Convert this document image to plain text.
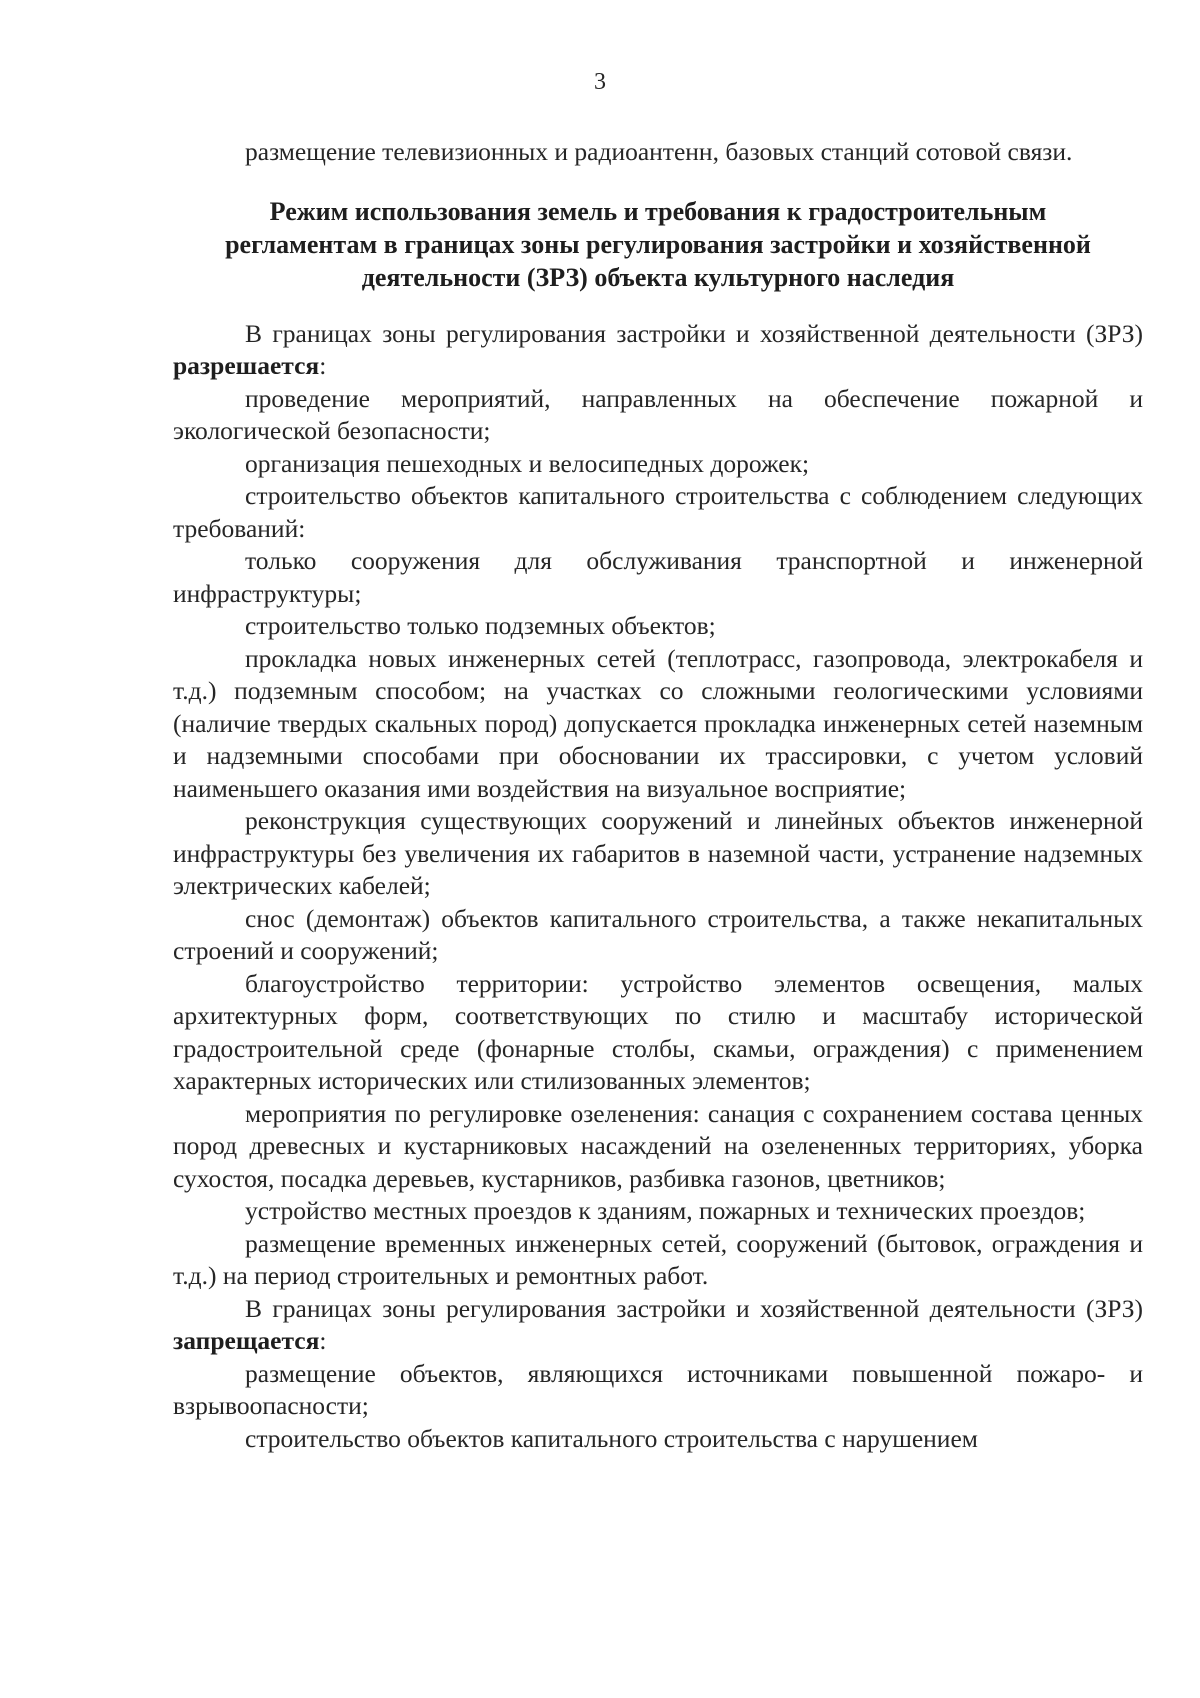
3

размещение телевизионных и радиоантенн, базовых станций сотовой связи.

Режим использования земель и требования к градостроительным регламентам в границах зоны регулирования застройки и хозяйственной деятельности (ЗРЗ) объекта культурного наследия

В границах зоны регулирования застройки и хозяйственной деятельности (ЗРЗ) разрешается:

проведение мероприятий, направленных на обеспечение пожарной и экологической безопасности;

организация пешеходных и велосипедных дорожек;

строительство объектов капитального строительства с соблюдением следующих требований:

только сооружения для обслуживания транспортной и инженерной инфраструктуры;

строительство только подземных объектов;

прокладка новых инженерных сетей (теплотрасс, газопровода, электрокабеля и т.д.) подземным способом; на участках со сложными геологическими условиями (наличие твердых скальных пород) допускается прокладка инженерных сетей наземным и надземными способами при обосновании их трассировки, с учетом условий наименьшего оказания ими воздействия на визуальное восприятие;

реконструкция существующих сооружений и линейных объектов инженерной инфраструктуры без увеличения их габаритов в наземной части, устранение надземных электрических кабелей;

снос (демонтаж) объектов капитального строительства, а также некапитальных строений и сооружений;

благоустройство территории: устройство элементов освещения, малых архитектурных форм, соответствующих по стилю и масштабу исторической градостроительной среде (фонарные столбы, скамьи, ограждения) с применением характерных исторических или стилизованных элементов;

мероприятия по регулировке озеленения: санация с сохранением состава ценных пород древесных и кустарниковых насаждений на озелененных территориях, уборка сухостоя, посадка деревьев, кустарников, разбивка газонов, цветников;

устройство местных проездов к зданиям, пожарных и технических проездов;

размещение временных инженерных сетей, сооружений (бытовок, ограждения и т.д.) на период строительных и ремонтных работ.

В границах зоны регулирования застройки и хозяйственной деятельности (ЗРЗ) запрещается:

размещение объектов, являющихся источниками повышенной пожаро- и взрывоопасности;

строительство объектов капитального строительства с нарушением
